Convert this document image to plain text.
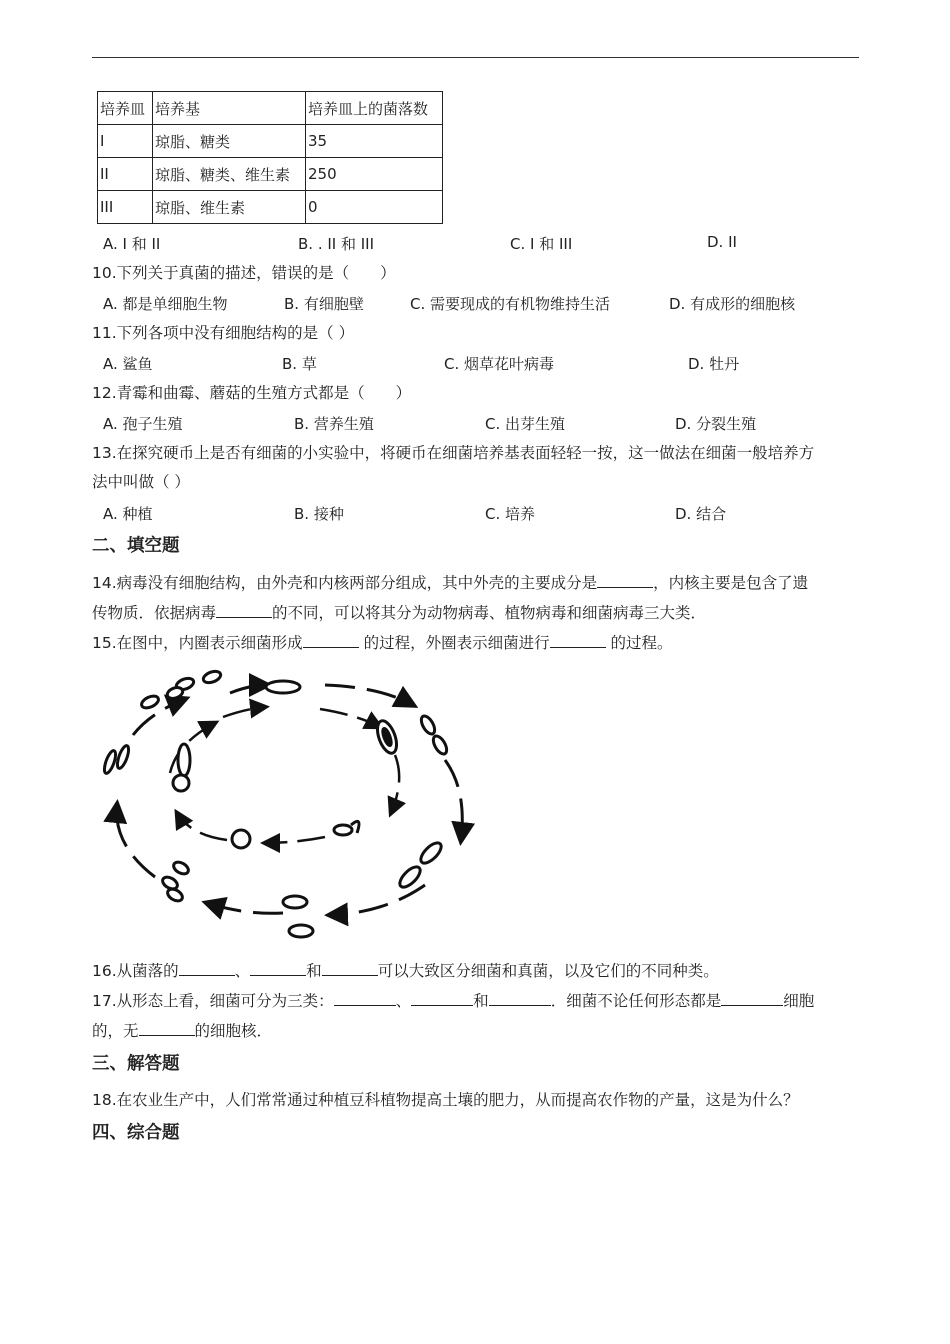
培养皿	培养基	培养皿上的菌落数
I	琼脂、糖类	35
II	琼脂、糖类、维生素	250
III	琼脂、维生素	0
A. I 和 II	B. . II 和 III	C. I 和 III	D. II
10.下列关于真菌的描述，错误的是（　　）
A. 都是单细胞生物	B. 有细胞壁	C. 需要现成的有机物维持生活	D. 有成形的细胞核
11.下列各项中没有细胞结构的是（ ）
A. 鲨鱼	B. 草	C. 烟草花叶病毒	D. 牡丹
12.青霉和曲霉、蘑菇的生殖方式都是（　　）
A. 孢子生殖	B. 营养生殖	C. 出芽生殖	D. 分裂生殖
13.在探究硬币上是否有细菌的小实验中，将硬币在细菌培养基表面轻轻一按，这一做法在细菌一般培养方
法中叫做（ ）
A. 种植	B. 接种	C. 培养	D. 结合
二、填空题
14.病毒没有细胞结构，由外壳和内核两部分组成，其中外壳的主要成分是	，内核主要是包含了遗
传物质．依据病毒	的不同，可以将其分为动物病毒、植物病毒和细菌病毒三大类．
15.在图中，内圈表示细菌形成	的过程，外圈表示细菌进行	的过程。
16.从菌落的	、	和	可以大致区分细菌和真菌，以及它们的不同种类。
17.从形态上看，细菌可分为三类：	、	和	．细菌不论任何形态都是	细胞
的，无	的细胞核．
三、解答题
18.在农业生产中，人们常常通过种植豆科植物提高土壤的肥力，从而提高农作物的产量，这是为什么？
四、综合题
